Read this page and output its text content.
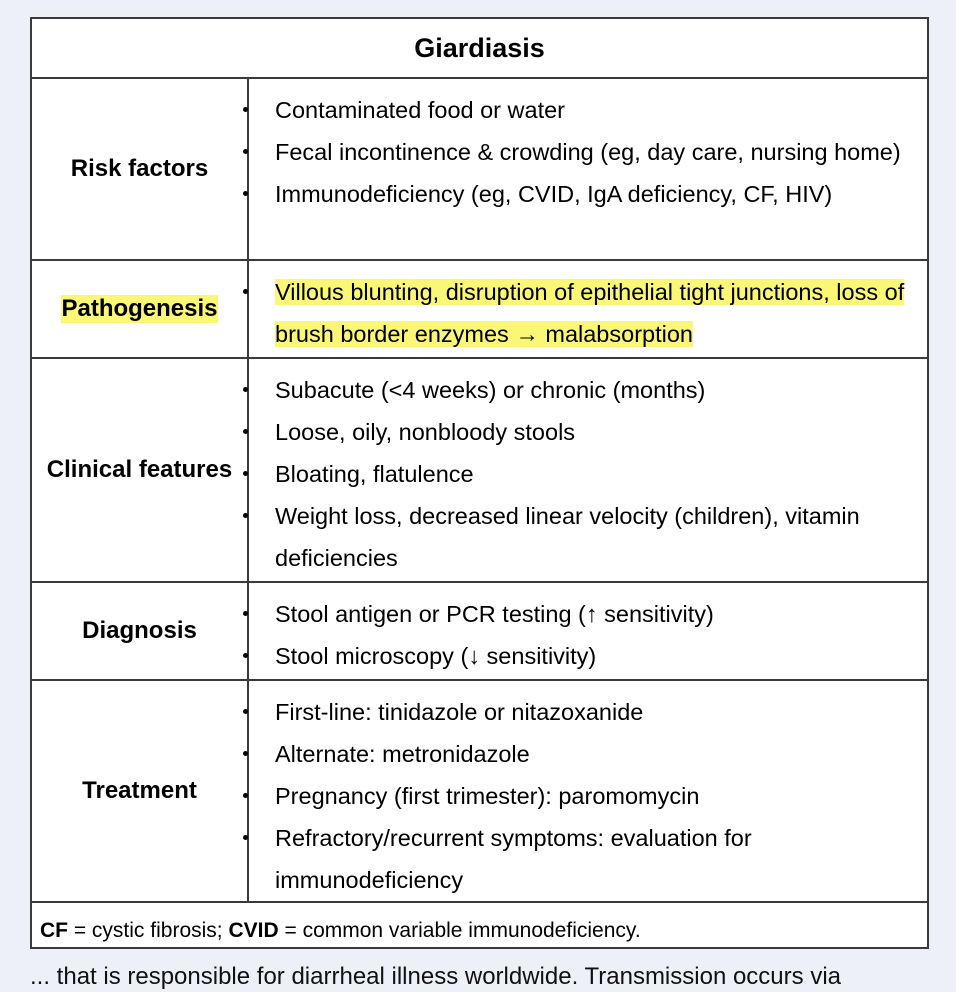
Giardiasis
Risk factors
Contaminated food or water
Fecal incontinence & crowding (eg, day care, nursing home)
Immunodeficiency (eg, CVID, IgA deficiency, CF, HIV)
Pathogenesis
Villous blunting, disruption of epithelial tight junctions, loss of brush border enzymes → malabsorption
Clinical features
Subacute (<4 weeks) or chronic (months)
Loose, oily, nonbloody stools
Bloating, flatulence
Weight loss, decreased linear velocity (children), vitamin deficiencies
Diagnosis
Stool antigen or PCR testing (↑ sensitivity)
Stool microscopy (↓ sensitivity)
Treatment
First-line: tinidazole or nitazoxanide
Alternate: metronidazole
Pregnancy (first trimester): paromomycin
Refractory/recurrent symptoms: evaluation for immunodeficiency
CF = cystic fibrosis; CVID = common variable immunodeficiency.
... that is responsible for diarrheal illness worldwide. Transmission occurs via
